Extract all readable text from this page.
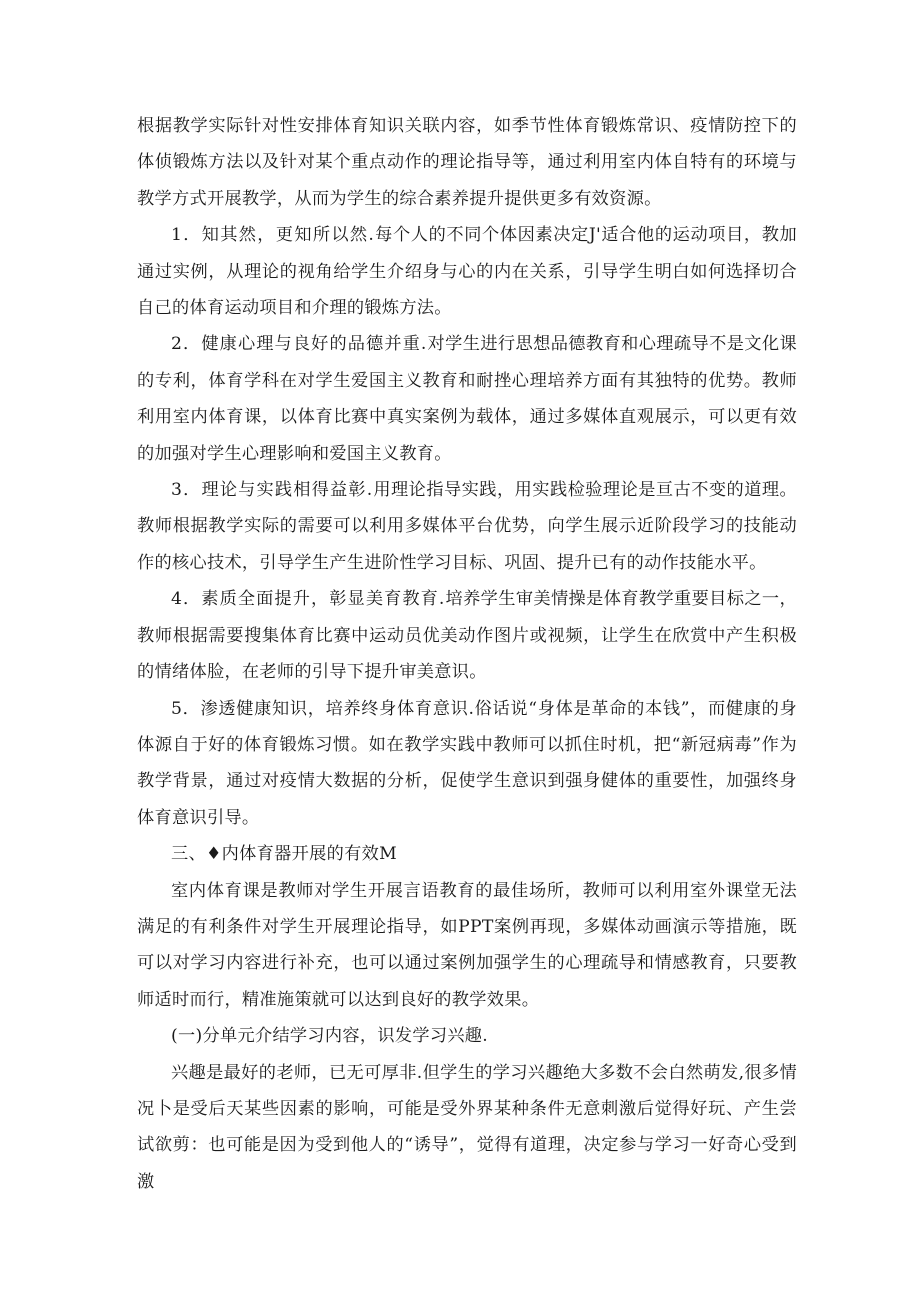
根据教学实际针对性安排体育知识关联内容，如季节性体育锻炼常识、疫情防控下的体侦锻炼方法以及针对某个重点动作的理论指导等，通过利用室内体自特有的环境与教学方式开展教学，从而为学生的综合素养提升提供更多有效资源。

1．知其然，更知所以然.每个人的不同个体因素决定J'适合他的运动项目，教加通过实例，从理论的视角给学生介绍身与心的内在关系，引导学生明白如何选择切合自己的体育运动项目和介理的锻炼方法。

2．健康心理与良好的品德并重.对学生进行思想品德教育和心理疏导不是文化课的专利，体育学科在对学生爱国主义教育和耐挫心理培养方面有其独特的优势。教师利用室内体育课，以体育比赛中真实案例为载体，通过多媒体直观展示，可以更有效的加强对学生心理影响和爱国主义教育。

3．理论与实践相得益彰.用理论指导实践，用实践检验理论是亘古不变的道理。教师根据教学实际的需要可以利用多媒体平台优势，向学生展示近阶段学习的技能动作的核心技术，引导学生产生进阶性学习目标、巩固、提升已有的动作技能水平。

4．素质全面提升，彰显美育教育.培养学生审美情操是体育教学重要目标之一，教师根据需要搜集体育比赛中运动员优美动作图片或视频，让学生在欣赏中产生积极的情绪体脸，在老师的引导下提升审美意识。

5．渗透健康知识，培养终身体育意识.俗话说“身体是革命的本钱”，而健康的身体源自于好的体育锻炼习惯。如在教学实践中教师可以抓住时机，把“新冠病毒”作为教学背景，通过对疫情大数据的分析，促使学生意识到强身健体的重要性，加强终身体育意识引导。

三、♦内体育器开展的有效M

室内体育课是教师对学生开展言语教育的最佳场所，教师可以利用室外课堂无法满足的有利条件对学生开展理论指导，如PPT案例再现，多媒体动画演示等措施，既可以对学习内容进行补充，也可以通过案例加强学生的心理疏导和情感教育，只要教师适时而行，精准施策就可以达到良好的教学效果。

(一)分单元介结学习内容，识发学习兴趣.

兴趣是最好的老师，已无可厚非.但学生的学习兴趣绝大多数不会白然萌发,很多情况卜是受后天某些因素的影响，可能是受外界某种条件无意刺激后觉得好玩、产生尝试欲剪：也可能是因为受到他人的“诱导”，觉得有道理，决定参与学习一好奇心受到激
